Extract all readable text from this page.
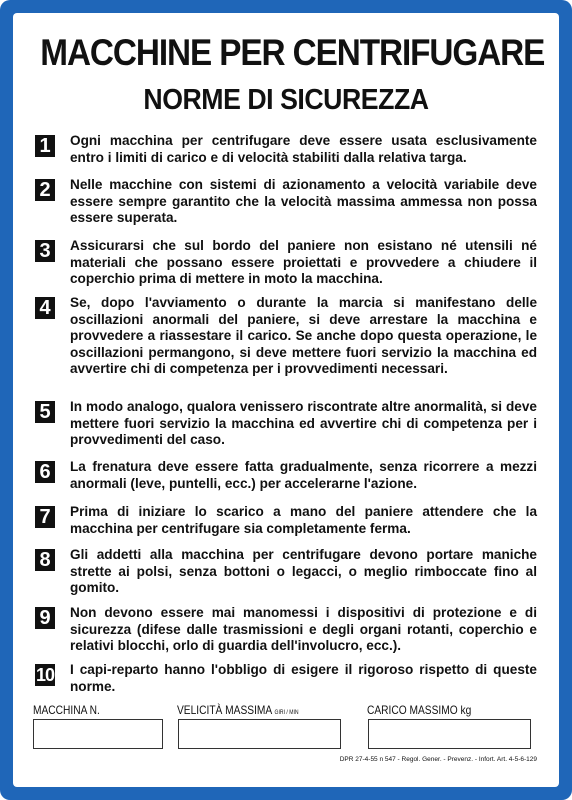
MACCHINE PER CENTRIFUGARE
NORME DI SICUREZZA
1	Ogni macchina per centrifugare deve essere usata esclusivamente entro i limiti di carico e di velocità stabiliti dalla relativa targa.
2	Nelle macchine con sistemi di azionamento a velocità variabile deve essere sempre garantito che la velocità massima ammessa non possa essere superata.
3	Assicurarsi che sul bordo del paniere non esistano né utensili né materiali che possano essere proiettati e provvedere a chiudere il coperchio prima di mettere in moto la macchina.
4	Se, dopo l'avviamento o durante la marcia si manifestano delle oscillazioni anormali del paniere, si deve arrestare la macchina e provvedere a riassestare il carico. Se anche dopo questa operazione, le oscillazioni permangono, si deve mettere fuori servizio la macchina ed avvertire chi di competenza per i provvedimenti necessari.
5	In modo analogo, qualora venissero riscontrate altre anormalità, si deve mettere fuori servizio la macchina ed avvertire chi di competenza per i provvedimenti del caso.
6	La frenatura deve essere fatta gradualmente, senza ricorrere a mezzi anormali (leve, puntelli, ecc.) per accelerarne l'azione.
7	Prima di iniziare lo scarico a mano del paniere attendere che la macchina per centrifugare sia completamente ferma.
8	Gli addetti alla macchina per centrifugare devono portare maniche strette ai polsi, senza bottoni o legacci, o meglio rimboccate fino al gomito.
9	Non devono essere mai manomessi i dispositivi di protezione e di sicurezza (difese dalle trasmissioni e degli organi rotanti, coperchio e relativi blocchi, orlo di guardia dell'involucro, ecc.).
10 I capi-reparto hanno l'obbligo di esigere il rigoroso rispetto di queste norme.
MACCHINA N.	VELICITÀ MASSIMA GIRI / MIN	CARICO MASSIMO kg
DPR 27-4-55 n 547 - Regol. Gener. - Prevenz. - Infort. Art. 4-5-6-129
